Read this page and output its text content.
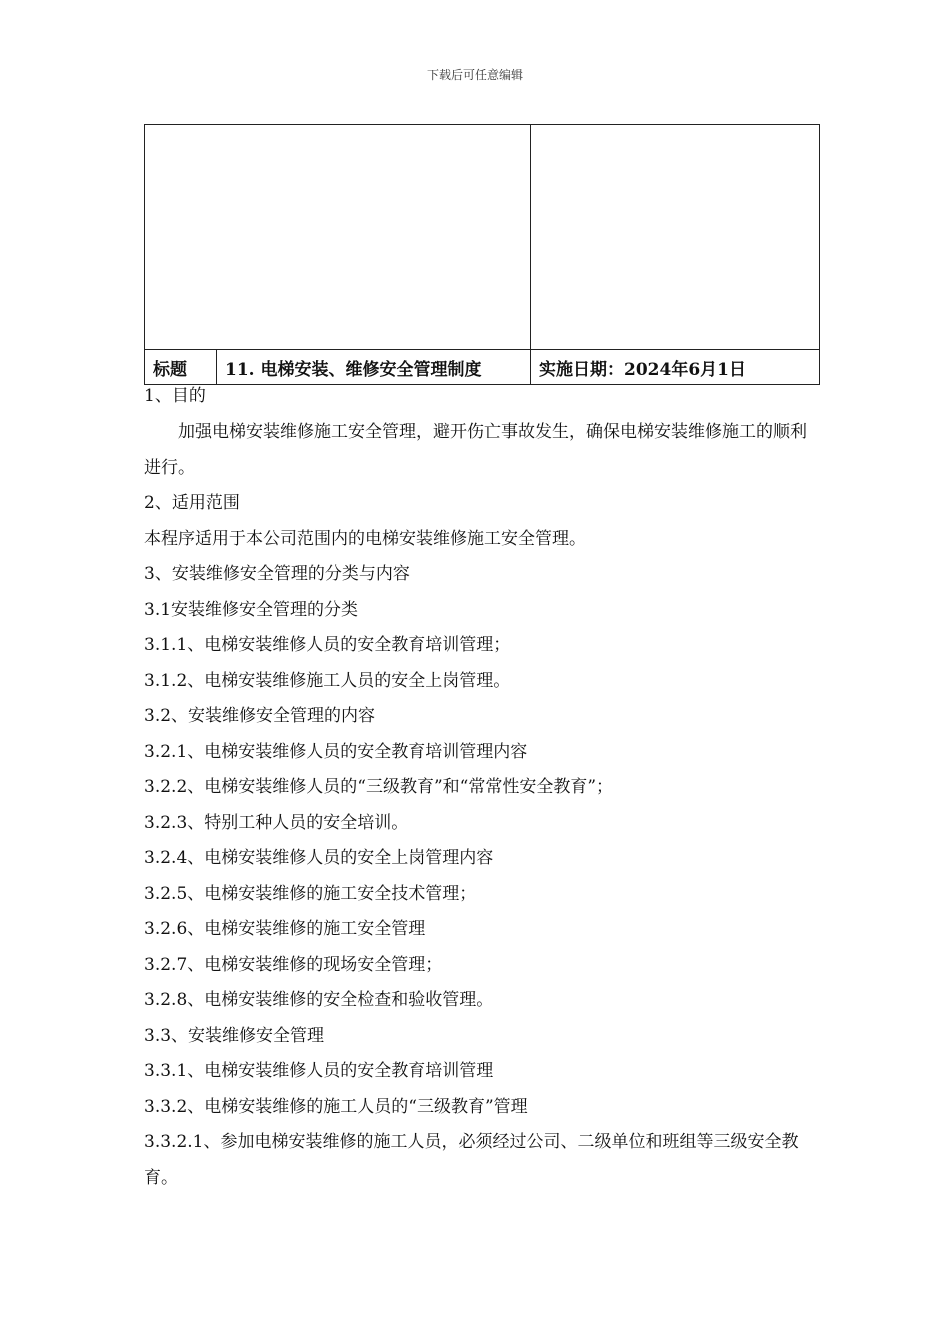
下载后可任意编辑

标题	11. 电梯安装、维修安全管理制度	实施日期：2024年6月1日
1、目的
加强电梯安装维修施工安全管理，避开伤亡事故发生，确保电梯安装维修施工的顺利进行。
2、适用范围
本程序适用于本公司范围内的电梯安装维修施工安全管理。
3、安装维修安全管理的分类与内容
3.1安装维修安全管理的分类
3.1.1、电梯安装维修人员的安全教育培训管理；
3.1.2、电梯安装维修施工人员的安全上岗管理。
3.2、安装维修安全管理的内容
3.2.1、电梯安装维修人员的安全教育培训管理内容
3.2.2、电梯安装维修人员的“三级教育”和“常常性安全教育”；
3.2.3、特别工种人员的安全培训。
3.2.4、电梯安装维修人员的安全上岗管理内容
3.2.5、电梯安装维修的施工安全技术管理；
3.2.6、电梯安装维修的施工安全管理
3.2.7、电梯安装维修的现场安全管理；
3.2.8、电梯安装维修的安全检查和验收管理。
3.3、安装维修安全管理
3.3.1、电梯安装维修人员的安全教育培训管理
3.3.2、电梯安装维修的施工人员的“三级教育”管理
3.3.2.1、参加电梯安装维修的施工人员，必须经过公司、二级单位和班组等三级安全教育。
